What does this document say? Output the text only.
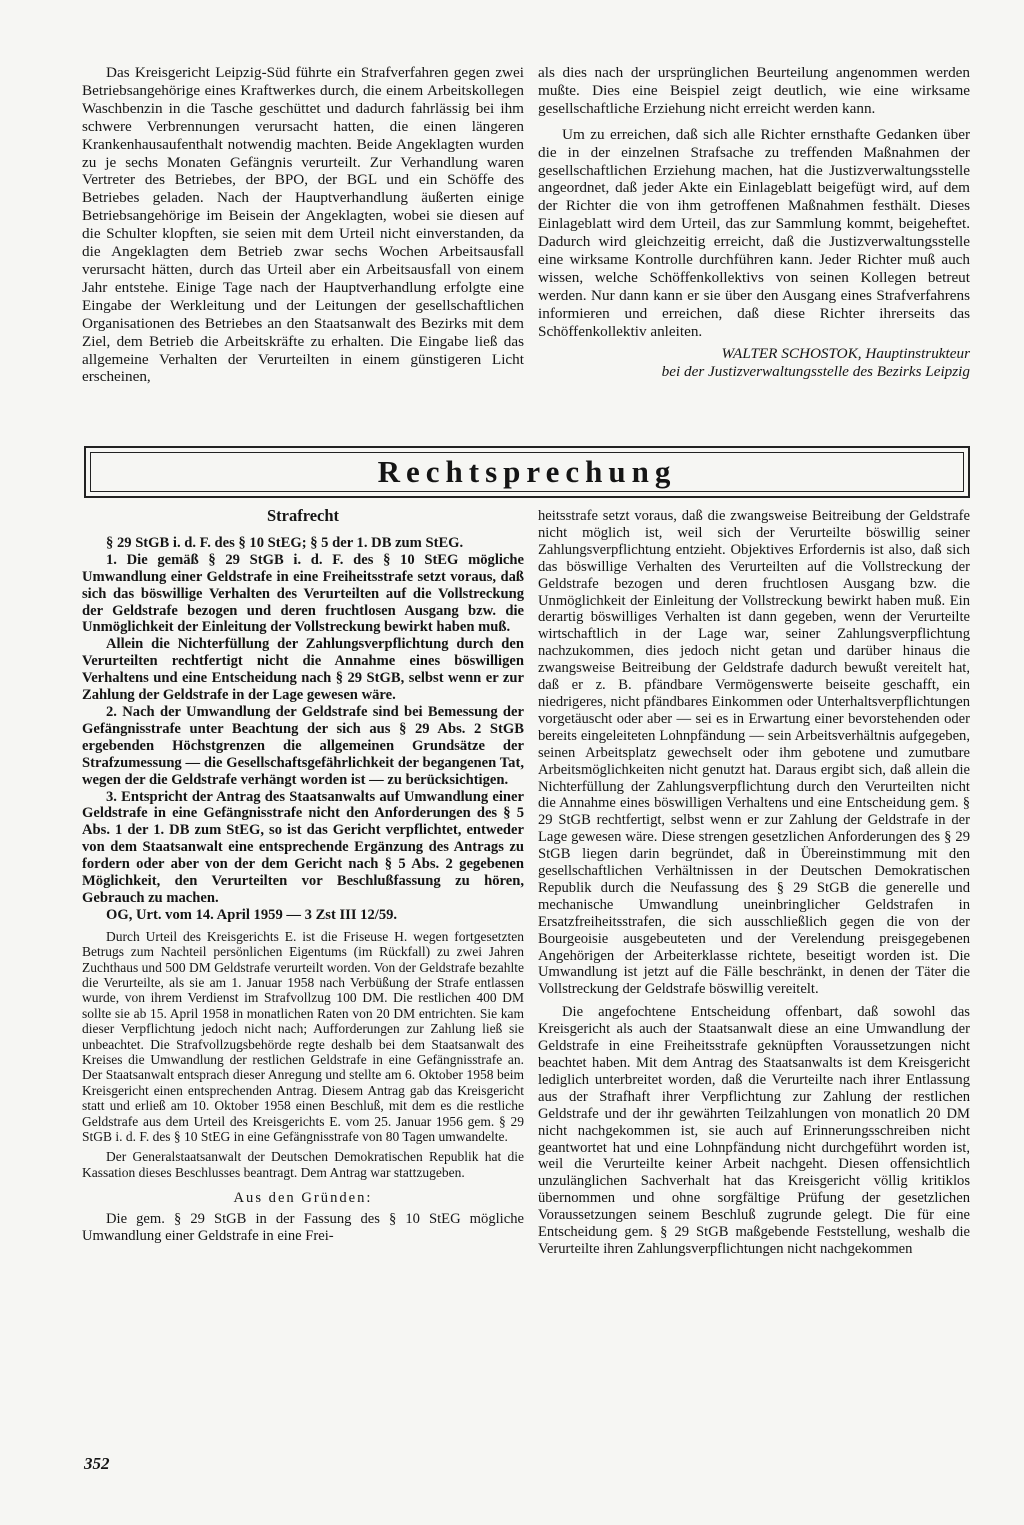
Das Kreisgericht Leipzig-Süd führte ein Strafverfahren gegen zwei Betriebsangehörige eines Kraftwerkes durch, die einem Arbeitskollegen Waschbenzin in die Tasche geschüttet und dadurch fahrlässig bei ihm schwere Verbrennungen verursacht hatten, die einen längeren Krankenhausaufenthalt notwendig machten. Beide Angeklagten wurden zu je sechs Monaten Gefängnis verurteilt. Zur Verhandlung waren Vertreter des Betriebes, der BPO, der BGL und ein Schöffe des Betriebes geladen. Nach der Hauptverhandlung äußerten einige Betriebsangehörige im Beisein der Angeklagten, wobei sie diesen auf die Schulter klopften, sie seien mit dem Urteil nicht einverstanden, da die Angeklagten dem Betrieb zwar sechs Wochen Arbeitsausfall verursacht hätten, durch das Urteil aber ein Arbeitsausfall von einem Jahr entstehe. Einige Tage nach der Hauptverhandlung erfolgte eine Eingabe der Werkleitung und der Leitungen der gesellschaftlichen Organisationen des Betriebes an den Staatsanwalt des Bezirks mit dem Ziel, dem Betrieb die Arbeitskräfte zu erhalten. Die Eingabe ließ das allgemeine Verhalten der Verurteilten in einem günstigeren Licht erscheinen,

als dies nach der ursprünglichen Beurteilung angenommen werden mußte. Dies eine Beispiel zeigt deutlich, wie eine wirksame gesellschaftliche Erziehung nicht erreicht werden kann.

Um zu erreichen, daß sich alle Richter ernsthafte Gedanken über die in der einzelnen Strafsache zu treffenden Maßnahmen der gesellschaftlichen Erziehung machen, hat die Justizverwaltungsstelle angeordnet, daß jeder Akte ein Einlageblatt beigefügt wird, auf dem der Richter die von ihm getroffenen Maßnahmen festhält. Dieses Einlageblatt wird dem Urteil, das zur Sammlung kommt, beigeheftet. Dadurch wird gleichzeitig erreicht, daß die Justizverwaltungsstelle eine wirksame Kontrolle durchführen kann. Jeder Richter muß auch wissen, welche Schöffenkollektivs von seinen Kollegen betreut werden. Nur dann kann er sie über den Ausgang eines Strafverfahrens informieren und erreichen, daß diese Richter ihrerseits das Schöffenkollektiv anleiten.

WALTER SCHOSTOK, Hauptinstrukteur
bei der Justizverwaltungsstelle des Bezirks Leipzig
Rechtsprechung
Strafrecht

§ 29 StGB i. d. F. des § 10 StEG; § 5 der 1. DB zum StEG.

1. Die gemäß § 29 StGB i. d. F. des § 10 StEG mögliche Umwandlung einer Geldstrafe in eine Freiheitsstrafe setzt voraus, daß sich das böswillige Verhalten des Verurteilten auf die Vollstreckung der Geldstrafe bezogen und deren fruchtlosen Ausgang bzw. die Unmöglichkeit der Einleitung der Vollstreckung bewirkt haben muß.

Allein die Nichterfüllung der Zahlungsverpflichtung durch den Verurteilten rechtfertigt nicht die Annahme eines böswilligen Verhaltens und eine Entscheidung nach § 29 StGB, selbst wenn er zur Zahlung der Geldstrafe in der Lage gewesen wäre.

2. Nach der Umwandlung der Geldstrafe sind bei Bemessung der Gefängnisstrafe unter Beachtung der sich aus § 29 Abs. 2 StGB ergebenden Höchstgrenzen die allgemeinen Grundsätze der Strafzumessung — die Gesellschaftsgefährlichkeit der begangenen Tat, wegen der die Geldstrafe verhängt worden ist — zu berücksichtigen.

3. Entspricht der Antrag des Staatsanwalts auf Umwandlung einer Geldstrafe in eine Gefängnisstrafe nicht den Anforderungen des § 5 Abs. 1 der 1. DB zum StEG, so ist das Gericht verpflichtet, entweder von dem Staatsanwalt eine entsprechende Ergänzung des Antrags zu fordern oder aber von der dem Gericht nach § 5 Abs. 2 gegebenen Möglichkeit, den Verurteilten vor Beschlußfassung zu hören, Gebrauch zu machen.

OG, Urt. vom 14. April 1959 — 3 Zst III 12/59.

Durch Urteil des Kreisgerichts E. ist die Friseuse H. wegen fortgesetzten Betrugs zum Nachteil persönlichen Eigentums (im Rückfall) zu zwei Jahren Zuchthaus und 500 DM Geldstrafe verurteilt worden. Von der Geldstrafe bezahlte die Verurteilte, als sie am 1. Januar 1958 nach Verbüßung der Strafe entlassen wurde, von ihrem Verdienst im Strafvollzug 100 DM. Die restlichen 400 DM sollte sie ab 15. April 1958 in monatlichen Raten von 20 DM entrichten. Sie kam dieser Verpflichtung jedoch nicht nach; Aufforderungen zur Zahlung ließ sie unbeachtet. Die Strafvollzugsbehörde regte deshalb bei dem Staatsanwalt des Kreises die Umwandlung der restlichen Geldstrafe in eine Gefängnisstrafe an. Der Staatsanwalt entsprach dieser Anregung und stellte am 6. Oktober 1958 beim Kreisgericht einen entsprechenden Antrag. Diesem Antrag gab das Kreisgericht statt und erließ am 10. Oktober 1958 einen Beschluß, mit dem es die restliche Geldstrafe aus dem Urteil des Kreisgerichts E. vom 25. Januar 1956 gem. § 29 StGB i. d. F. des § 10 StEG in eine Gefängnisstrafe von 80 Tagen umwandelte.

Der Generalstaatsanwalt der Deutschen Demokratischen Republik hat die Kassation dieses Beschlusses beantragt. Dem Antrag war stattzugeben.

Aus den Gründen:

Die gem. § 29 StGB in der Fassung des § 10 StEG mögliche Umwandlung einer Geldstrafe in eine Frei-

heitsstrafe setzt voraus, daß die zwangsweise Beitreibung der Geldstrafe nicht möglich ist, weil sich der Verurteilte böswillig seiner Zahlungsverpflichtung entzieht. Objektives Erfordernis ist also, daß sich das böswillige Verhalten des Verurteilten auf die Vollstreckung der Geldstrafe bezogen und deren fruchtlosen Ausgang bzw. die Unmöglichkeit der Einleitung der Vollstreckung bewirkt haben muß. Ein derartig böswilliges Verhalten ist dann gegeben, wenn der Verurteilte wirtschaftlich in der Lage war, seiner Zahlungsverpflichtung nachzukommen, dies jedoch nicht getan und darüber hinaus die zwangsweise Beitreibung der Geldstrafe dadurch bewußt vereitelt hat, daß er z. B. pfändbare Vermögenswerte beiseite geschafft, ein niedrigeres, nicht pfändbares Einkommen oder Unterhaltsverpflichtungen vorgetäuscht oder aber — sei es in Erwartung einer bevorstehenden oder bereits eingeleiteten Lohnpfändung — sein Arbeitsverhältnis aufgegeben, seinen Arbeitsplatz gewechselt oder ihm gebotene und zumutbare Arbeitsmöglichkeiten nicht genutzt hat. Daraus ergibt sich, daß allein die Nichterfüllung der Zahlungsverpflichtung durch den Verurteilten nicht die Annahme eines böswilligen Verhaltens und eine Entscheidung gem. § 29 StGB rechtfertigt, selbst wenn er zur Zahlung der Geldstrafe in der Lage gewesen wäre. Diese strengen gesetzlichen Anforderungen des § 29 StGB liegen darin begründet, daß in Übereinstimmung mit den gesellschaftlichen Verhältnissen in der Deutschen Demokratischen Republik durch die Neufassung des § 29 StGB die generelle und mechanische Umwandlung uneinbringlicher Geldstrafen in Ersatzfreiheitsstrafen, die sich ausschließlich gegen die von der Bourgeoisie ausgebeuteten und der Verelendung preisgegebenen Angehörigen der Arbeiterklasse richtete, beseitigt worden ist. Die Umwandlung ist jetzt auf die Fälle beschränkt, in denen der Täter die Vollstreckung der Geldstrafe böswillig vereitelt.

Die angefochtene Entscheidung offenbart, daß sowohl das Kreisgericht als auch der Staatsanwalt diese an eine Umwandlung der Geldstrafe in eine Freiheitsstrafe geknüpften Voraussetzungen nicht beachtet haben. Mit dem Antrag des Staatsanwalts ist dem Kreisgericht lediglich unterbreitet worden, daß die Verurteilte nach ihrer Entlassung aus der Strafhaft ihrer Verpflichtung zur Zahlung der restlichen Geldstrafe und der ihr gewährten Teilzahlungen von monatlich 20 DM nicht nachgekommen ist, sie auch auf Erinnerungsschreiben nicht geantwortet hat und eine Lohnpfändung nicht durchgeführt worden ist, weil die Verurteilte keiner Arbeit nachgeht. Diesen offensichtlich unzulänglichen Sachverhalt hat das Kreisgericht völlig kritiklos übernommen und ohne sorgfältige Prüfung der gesetzlichen Voraussetzungen seinem Beschluß zugrunde gelegt. Die für eine Entscheidung gem. § 29 StGB maßgebende Feststellung, weshalb die Verurteilte ihren Zahlungsverpflichtungen nicht nachgekommen

352
